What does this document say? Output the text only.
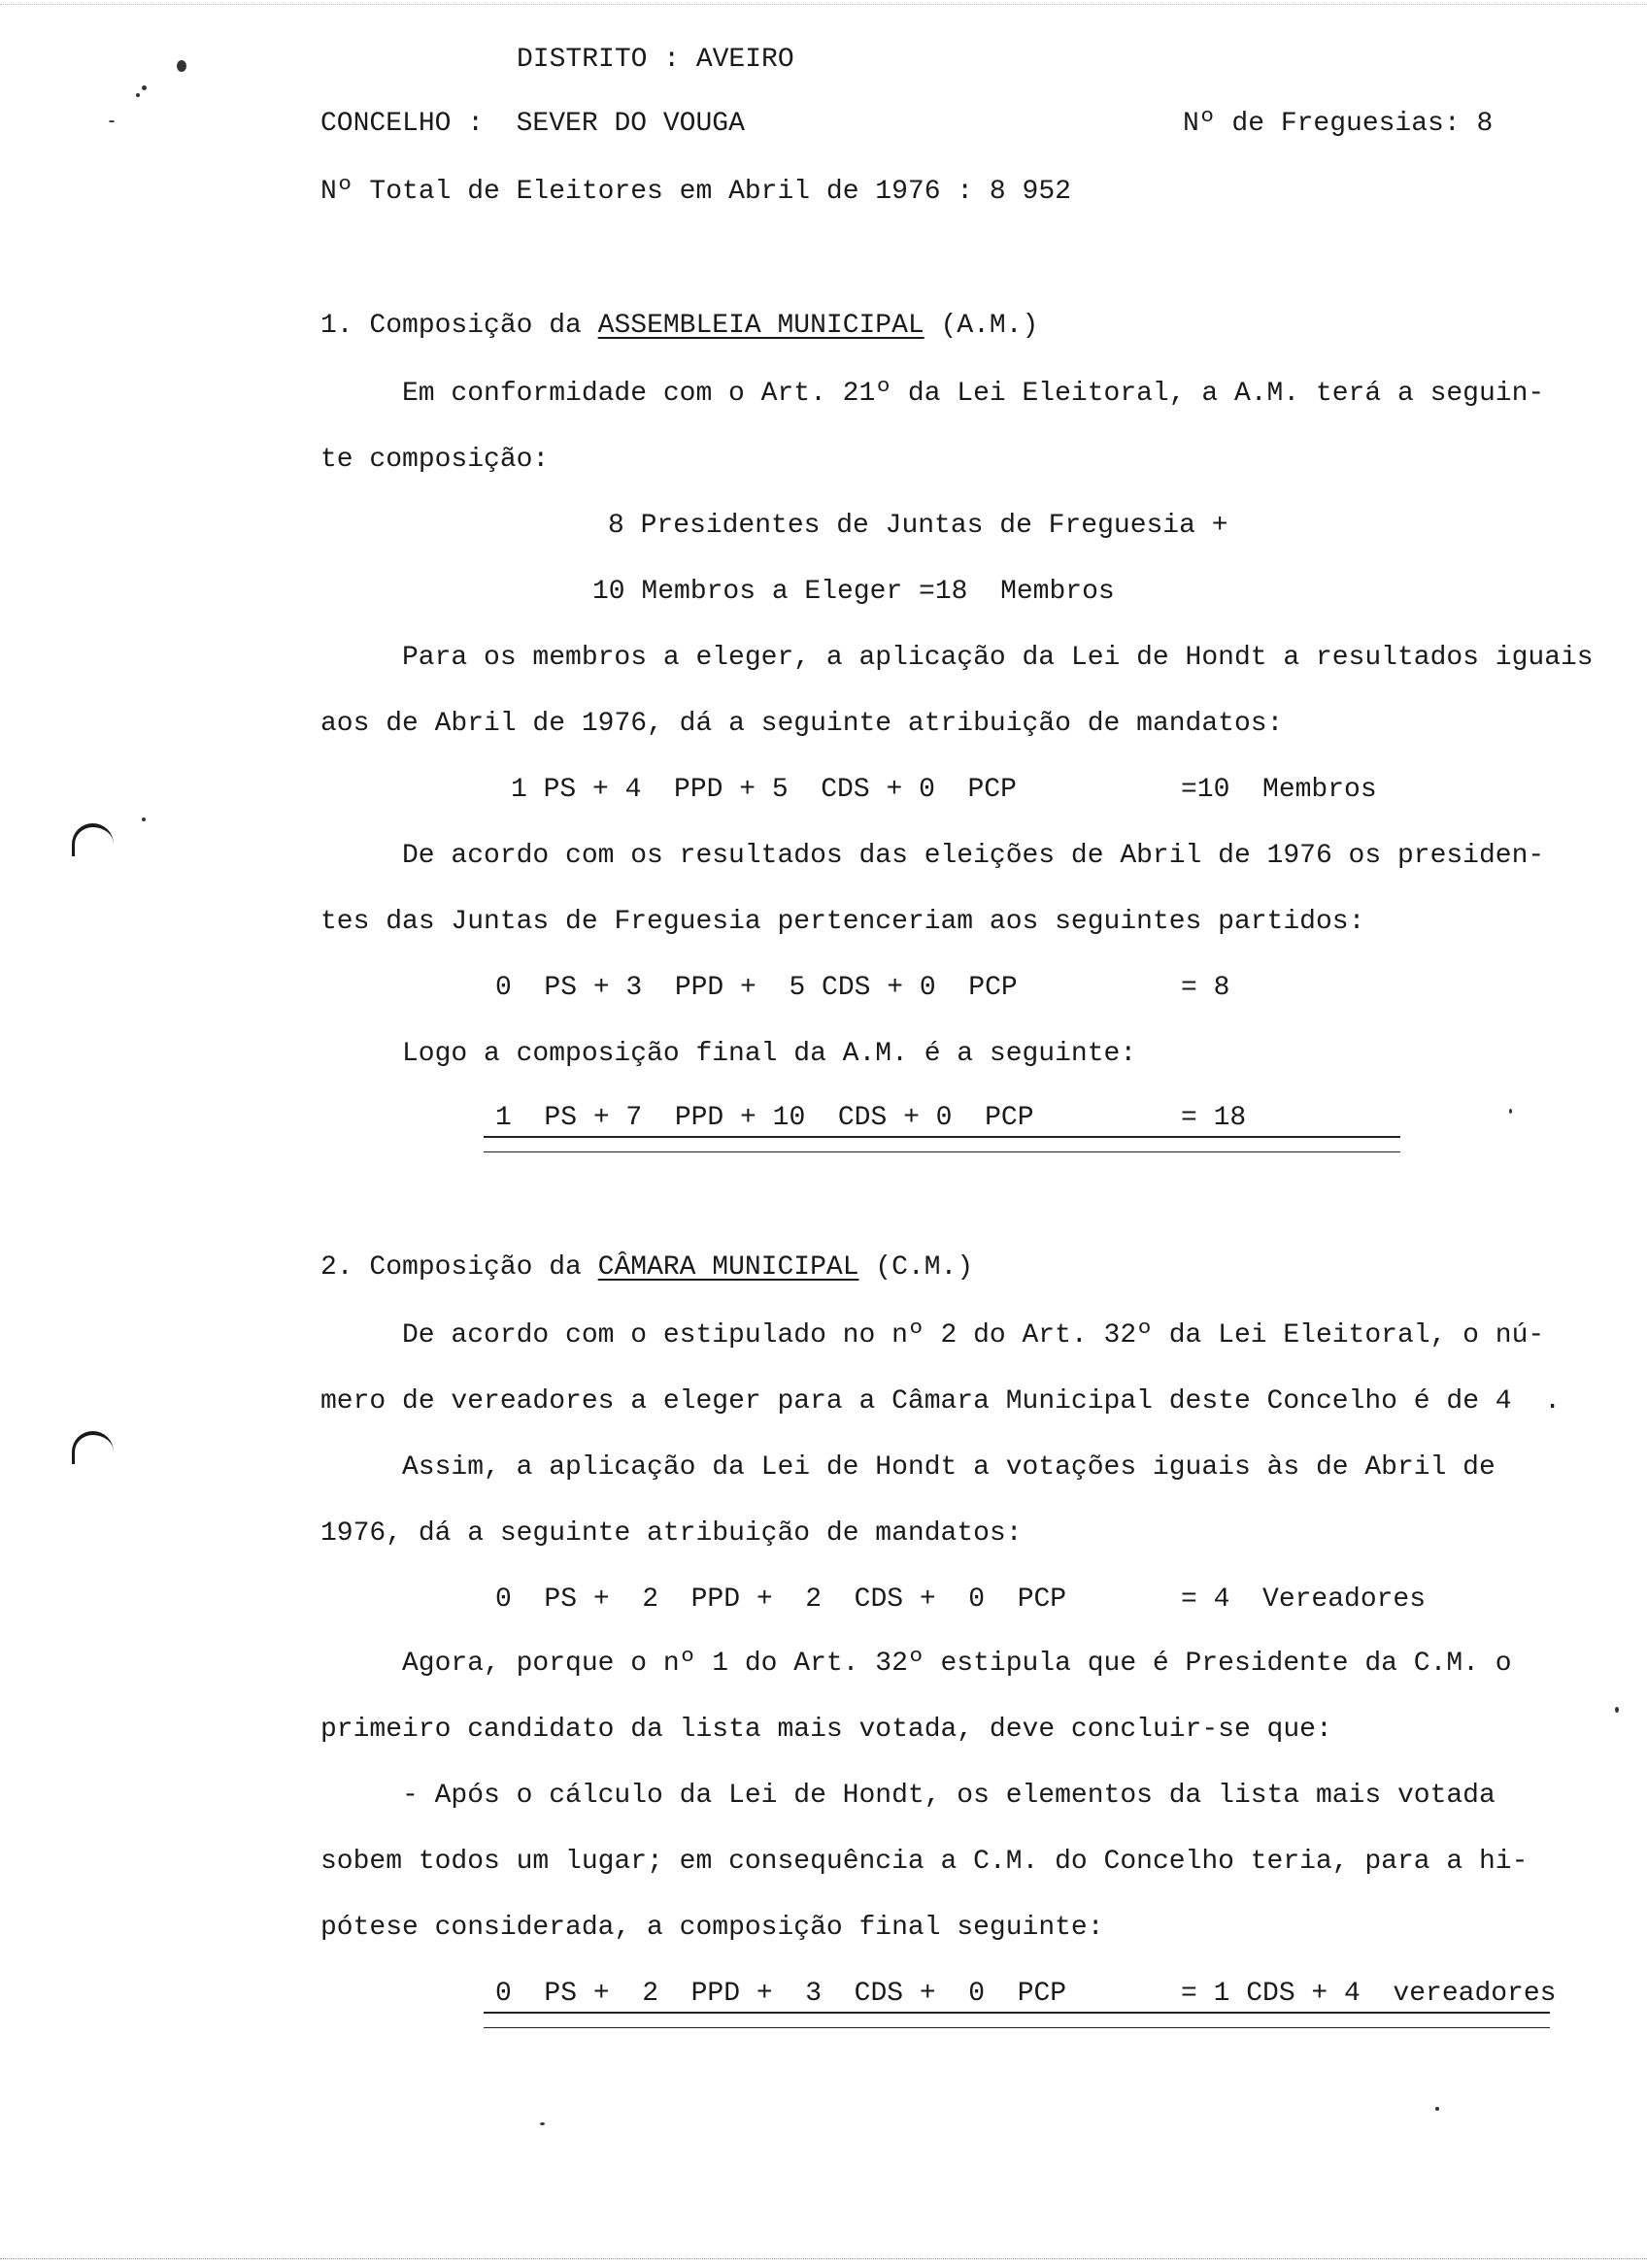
DISTRITO : AVEIRO
CONCELHO :  SEVER DO VOUGA	Nº de Freguesias: 8
Nº Total de Eleitores em Abril de 1976 : 8 952
1. Composição da ASSEMBLEIA MUNICIPAL (A.M.)
Em conformidade com o Art. 21º da Lei Eleitoral, a A.M. terá a seguin-
te composição:
8 Presidentes de Juntas de Freguesia +
10 Membros a Eleger =18  Membros
Para os membros a eleger, a aplicação da Lei de Hondt a resultados iguais
aos de Abril de 1976, dá a seguinte atribuição de mandatos:
1 PS + 4  PPD + 5  CDS + 0  PCP	=10  Membros
De acordo com os resultados das eleições de Abril de 1976 os presiden-
tes das Juntas de Freguesia pertenceriam aos seguintes partidos:
0  PS + 3  PPD +  5 CDS + 0  PCP	= 8
Logo a composição final da A.M. é a seguinte:
1  PS + 7  PPD + 10  CDS + 0  PCP	= 18
2. Composição da CÂMARA MUNICIPAL (C.M.)
De acordo com o estipulado no nº 2 do Art. 32º da Lei Eleitoral, o nú-
mero de vereadores a eleger para a Câmara Municipal deste Concelho é de 4  .
Assim, a aplicação da Lei de Hondt a votações iguais às de Abril de
1976, dá a seguinte atribuição de mandatos:
0  PS +  2  PPD +  2  CDS +  0  PCP	= 4  Vereadores
Agora, porque o nº 1 do Art. 32º estipula que é Presidente da C.M. o
primeiro candidato da lista mais votada, deve concluir-se que:
- Após o cálculo da Lei de Hondt, os elementos da lista mais votada
sobem todos um lugar; em consequência a C.M. do Concelho teria, para a hi-
pótese considerada, a composição final seguinte:
0  PS +  2  PPD +  3  CDS +  0  PCP	= 1 CDS + 4  vereadores
